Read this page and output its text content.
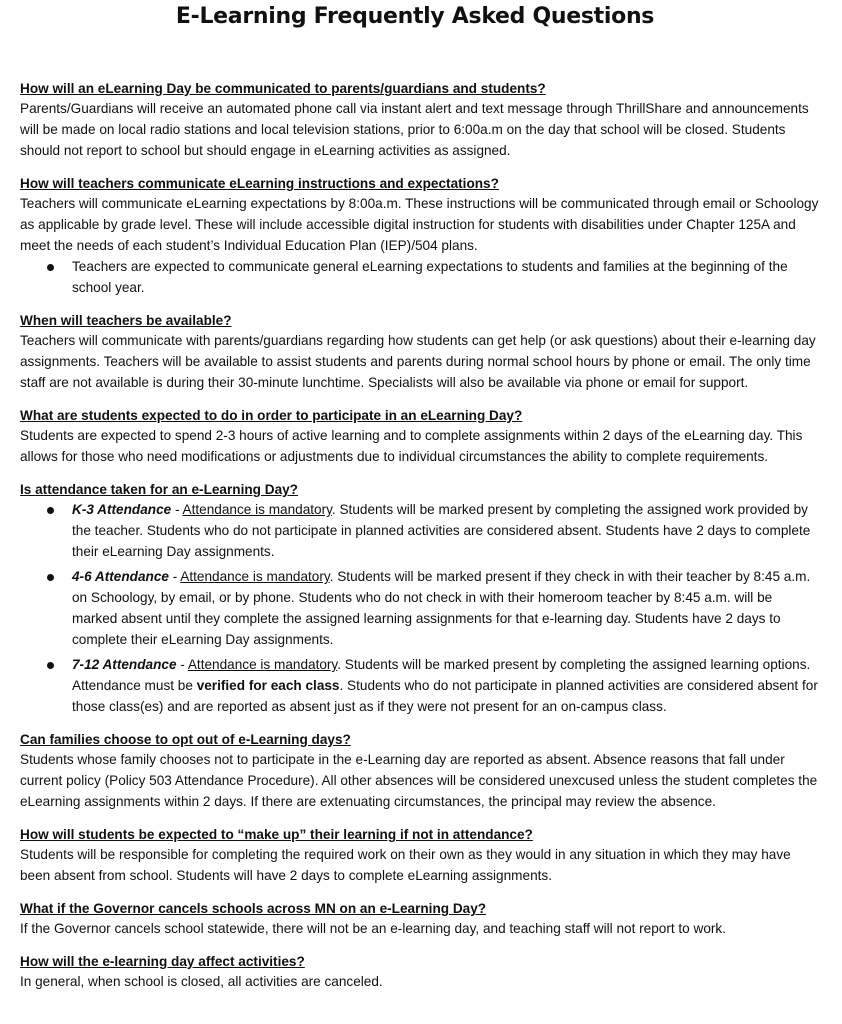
E-Learning Frequently Asked Questions

How will an eLearning Day be communicated to parents/guardians and students?

Parents/Guardians will receive an automated phone call via instant alert and text message through ThrillShare and announcements will be made on local radio stations and local television stations, prior to 6:00a.m on the day that school will be closed. Students should not report to school but should engage in eLearning activities as assigned.

How will teachers communicate eLearning instructions and expectations?

Teachers will communicate eLearning expectations by 8:00a.m. These instructions will be communicated through email or Schoology as applicable by grade level. These will include accessible digital instruction for students with disabilities under Chapter 125A and meet the needs of each student’s Individual Education Plan (IEP)/504 plans.

Teachers are expected to communicate general eLearning expectations to students and families at the beginning of the school year.

When will teachers be available?

Teachers will communicate with parents/guardians regarding how students can get help (or ask questions) about their e-learning day assignments. Teachers will be available to assist students and parents during normal school hours by phone or email. The only time staff are not available is during their 30-minute lunchtime. Specialists will also be available via phone or email for support.

What are students expected to do in order to participate in an eLearning Day?

Students are expected to spend 2-3 hours of active learning and to complete assignments within 2 days of the eLearning day. This allows for those who need modifications or adjustments due to individual circumstances the ability to complete requirements.

Is attendance taken for an e-Learning Day?

K-3 Attendance - Attendance is mandatory. Students will be marked present by completing the assigned work provided by the teacher. Students who do not participate in planned activities are considered absent. Students have 2 days to complete their eLearning Day assignments.
4-6 Attendance - Attendance is mandatory. Students will be marked present if they check in with their teacher by 8:45 a.m. on Schoology, by email, or by phone. Students who do not check in with their homeroom teacher by 8:45 a.m. will be marked absent until they complete the assigned learning assignments for that e-learning day. Students have 2 days to complete their eLearning Day assignments.
7-12 Attendance - Attendance is mandatory. Students will be marked present by completing the assigned learning options. Attendance must be verified for each class. Students who do not participate in planned activities are considered absent for those class(es) and are reported as absent just as if they were not present for an on-campus class.

Can families choose to opt out of e-Learning days?

Students whose family chooses not to participate in the e-Learning day are reported as absent. Absence reasons that fall under current policy (Policy 503 Attendance Procedure). All other absences will be considered unexcused unless the student completes the eLearning assignments within 2 days. If there are extenuating circumstances, the principal may review the absence.

How will students be expected to “make up” their learning if not in attendance?

Students will be responsible for completing the required work on their own as they would in any situation in which they may have been absent from school. Students will have 2 days to complete eLearning assignments.

What if the Governor cancels schools across MN on an e-Learning Day?

If the Governor cancels school statewide, there will not be an e-learning day, and teaching staff will not report to work.

How will the e-learning day affect activities?

In general, when school is closed, all activities are canceled.
